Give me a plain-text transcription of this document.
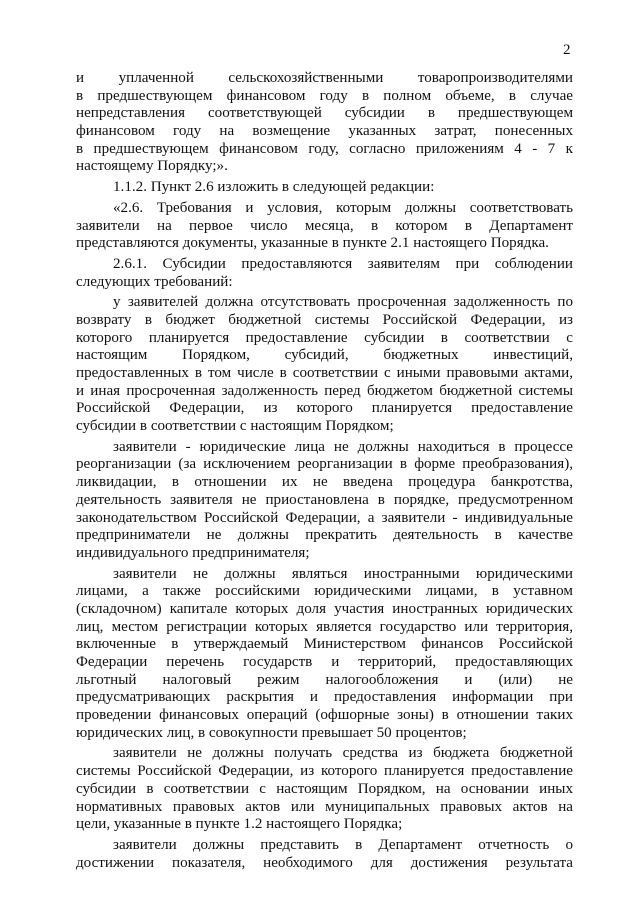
2
и уплаченной сельскохозяйственными товаропроизводителями
в предшествующем финансовом году в полном объеме, в случае
непредставления соответствующей субсидии в предшествующем
финансовом году на возмещение указанных затрат, понесенных
в предшествующем финансовом году, согласно приложениям 4 - 7 к
настоящему Порядку;».
1.1.2. Пункт 2.6 изложить в следующей редакции:
«2.6. Требования и условия, которым должны соответствовать
заявители на первое число месяца, в котором в Департамент
представляются документы, указанные в пункте 2.1 настоящего Порядка.
2.6.1. Субсидии предоставляются заявителям при соблюдении
следующих требований:
у заявителей должна отсутствовать просроченная задолженность по
возврату в бюджет бюджетной системы Российской Федерации, из
которого планируется предоставление субсидии в соответствии с
настоящим Порядком, субсидий, бюджетных инвестиций,
предоставленных в том числе в соответствии с иными правовыми актами,
и иная просроченная задолженность перед бюджетом бюджетной системы
Российской Федерации, из которого планируется предоставление
субсидии в соответствии с настоящим Порядком;
заявители - юридические лица не должны находиться в процессе
реорганизации (за исключением реорганизации в форме преобразования),
ликвидации, в отношении их не введена процедура банкротства,
деятельность заявителя не приостановлена в порядке, предусмотренном
законодательством Российской Федерации, а заявители - индивидуальные
предприниматели не должны прекратить деятельность в качестве
индивидуального предпринимателя;
заявители не должны являться иностранными юридическими
лицами, а также российскими юридическими лицами, в уставном
(складочном) капитале которых доля участия иностранных юридических
лиц, местом регистрации которых является государство или территория,
включенные в утверждаемый Министерством финансов Российской
Федерации перечень государств и территорий, предоставляющих
льготный налоговый режим налогообложения и (или) не
предусматривающих раскрытия и предоставления информации при
проведении финансовых операций (офшорные зоны) в отношении таких
юридических лиц, в совокупности превышает 50 процентов;
заявители не должны получать средства из бюджета бюджетной
системы Российской Федерации, из которого планируется предоставление
субсидии в соответствии с настоящим Порядком, на основании иных
нормативных правовых актов или муниципальных правовых актов на
цели, указанные в пункте 1.2 настоящего Порядка;
заявители должны представить в Департамент отчетность о
достижении показателя, необходимого для достижения результата
